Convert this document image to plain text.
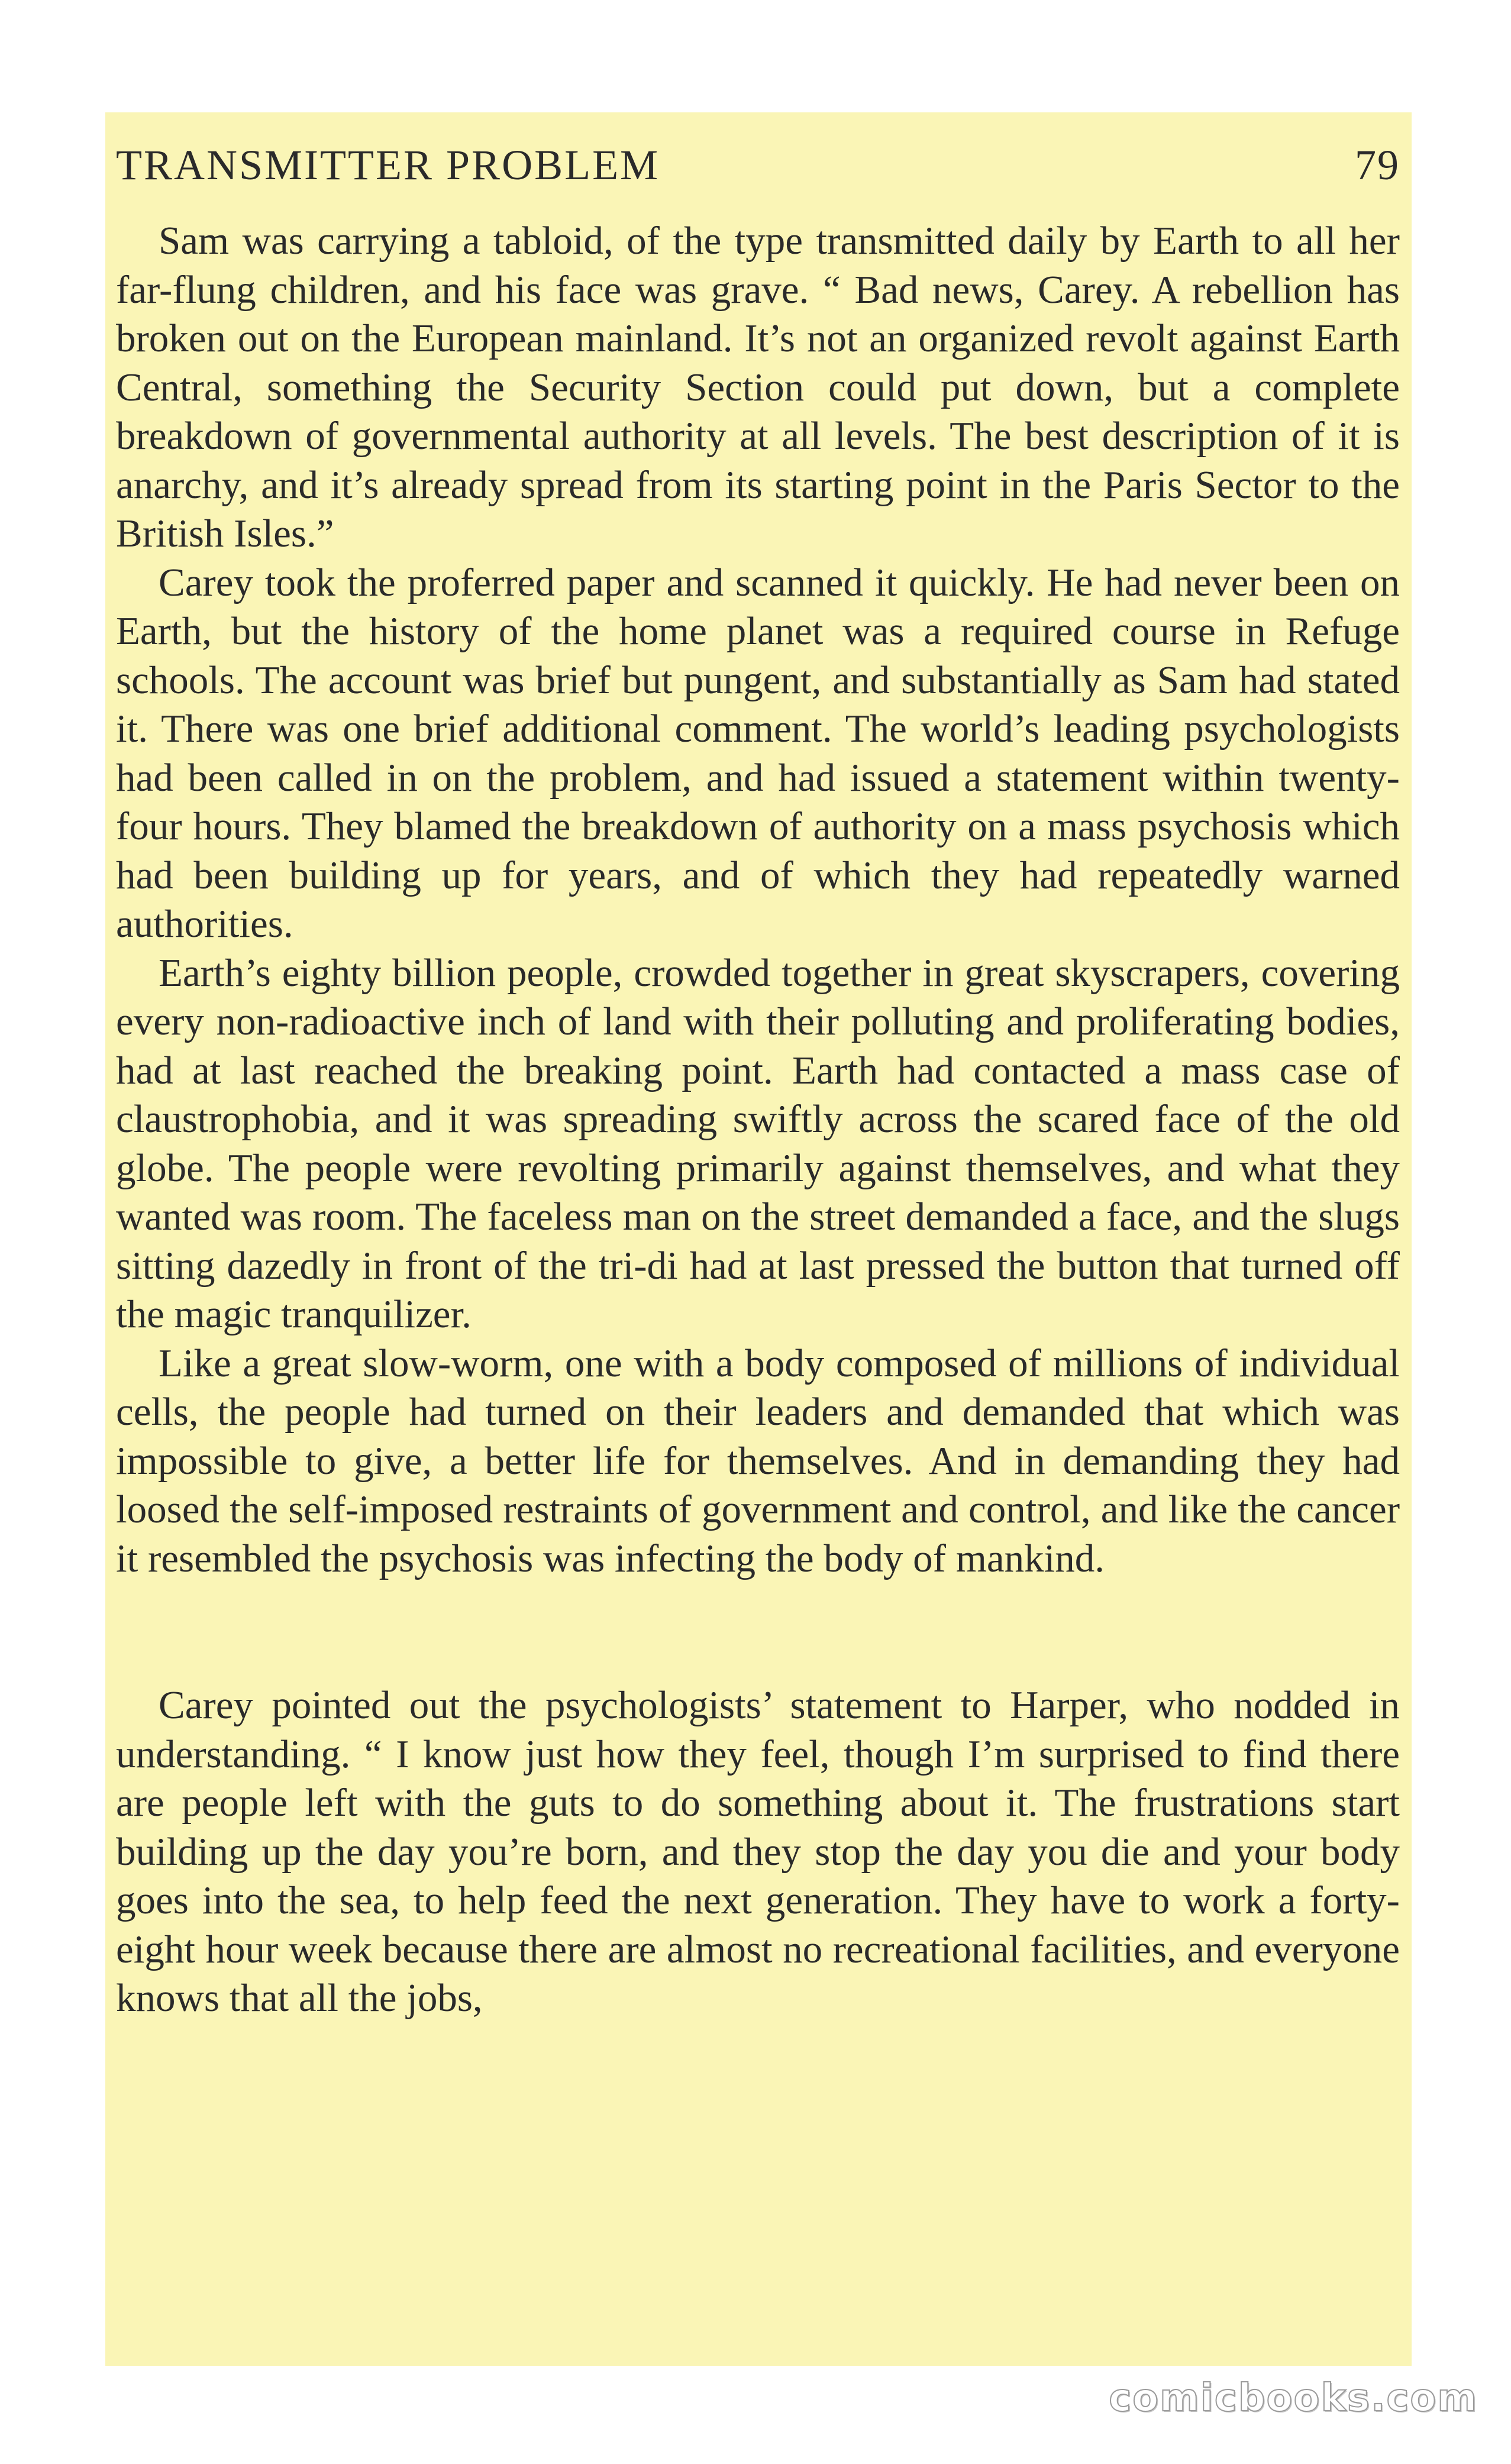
TRANSMITTER PROBLEM	79

Sam was carrying a tabloid, of the type transmitted daily by Earth to all her far-flung children, and his face was grave. “ Bad news, Carey. A rebellion has broken out on the European mainland. It’s not an organized revolt against Earth Central, something the Security Section could put down, but a complete breakdown of governmental authority at all levels. The best description of it is anarchy, and it’s already spread from its starting point in the Paris Sector to the British Isles.”

Carey took the proferred paper and scanned it quickly. He had never been on Earth, but the history of the home planet was a required course in Refuge schools. The account was brief but pungent, and substantially as Sam had stated it. There was one brief additional comment. The world’s leading psychologists had been called in on the problem, and had issued a statement within twenty-four hours. They blamed the breakdown of authority on a mass psychosis which had been building up for years, and of which they had repeatedly warned authorities.

Earth’s eighty billion people, crowded together in great skyscrapers, covering every non-radioactive inch of land with their polluting and proliferating bodies, had at last reached the breaking point. Earth had contacted a mass case of claustrophobia, and it was spreading swiftly across the scared face of the old globe. The people were revolting primarily against themselves, and what they wanted was room. The faceless man on the street demanded a face, and the slugs sitting dazedly in front of the tri-di had at last pressed the button that turned off the magic tranquilizer.

Like a great slow-worm, one with a body composed of millions of individual cells, the people had turned on their leaders and demanded that which was impossible to give, a better life for themselves. And in demanding they had loosed the self-imposed restraints of government and control, and like the cancer it resembled the psychosis was infecting the body of mankind.

Carey pointed out the psychologists’ statement to Harper, who nodded in understanding. “ I know just how they feel, though I’m surprised to find there are people left with the guts to do something about it. The frustrations start building up the day you’re born, and they stop the day you die and your body goes into the sea, to help feed the next generation. They have to work a forty-eight hour week because there are almost no recreational facilities, and everyone knows that all the jobs,

comicbooks.com
